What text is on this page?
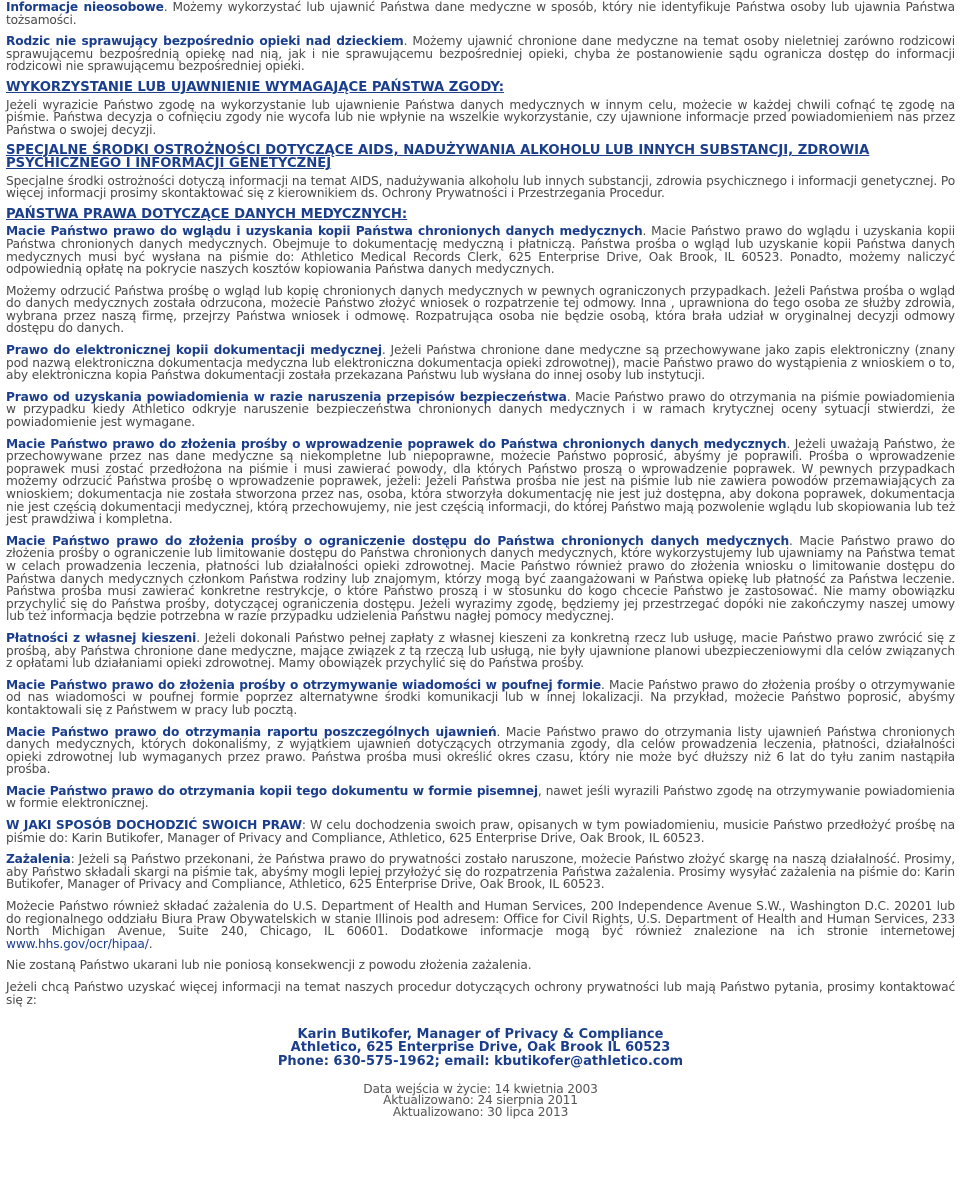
Informacje nieosobowe. Możemy wykorzystać lub ujawnić Państwa dane medyczne w sposób, który nie identyfikuje Państwa osoby lub ujawnia Państwa tożsamości.

Rodzic nie sprawujący bezpośrednio opieki nad dzieckiem. Możemy ujawnić chronione dane medyczne na temat osoby nieletniej zarówno rodzicowi sprawującemu bezpośrednią opiekę nad nią, jak i nie sprawującemu bezpośredniej opieki, chyba że postanowienie sądu ogranicza dostęp do informacji rodzicowi nie sprawującemu bezpośredniej opieki.

WYKORZYSTANIE LUB UJAWNIENIE WYMAGAJĄCE PAŃSTWA ZGODY:

Jeżeli wyrazicie Państwo zgodę na wykorzystanie lub ujawnienie Państwa danych medycznych w innym celu, możecie w każdej chwili cofnąć tę zgodę na piśmie. Państwa decyzja o cofnięciu zgody nie wycofa lub nie wpłynie na wszelkie wykorzystanie, czy ujawnione informacje przed powiadomieniem nas przez Państwa o swojej decyzji.

SPECJALNE ŚRODKI OSTROŻNOŚCI DOTYCZĄCE AIDS, NADUŻYWANIA ALKOHOLU LUB INNYCH SUBSTANCJI, ZDROWIA PSYCHICZNEGO I INFORMACJI GENETYCZNEJ

Specjalne środki ostrożności dotyczą informacji na temat AIDS, nadużywania alkoholu lub innych substancji, zdrowia psychicznego i informacji genetycznej. Po więcej informacji prosimy skontaktować się z kierownikiem ds. Ochrony Prywatności i Przestrzegania Procedur.

PAŃSTWA PRAWA DOTYCZĄCE DANYCH MEDYCZNYCH:

Macie Państwo prawo do wglądu i uzyskania kopii Państwa chronionych danych medycznych. Macie Państwo prawo do wglądu i uzyskania kopii Państwa chronionych danych medycznych. Obejmuje to dokumentację medyczną i płatniczą. Państwa prośba o wgląd lub uzyskanie kopii Państwa danych medycznych musi być wysłana na piśmie do: Athletico Medical Records Clerk, 625 Enterprise Drive, Oak Brook, IL 60523. Ponadto, możemy naliczyć odpowiednią opłatę na pokrycie naszych kosztów kopiowania Państwa danych medycznych.

Możemy odrzucić Państwa prośbę o wgląd lub kopię chronionych danych medycznych w pewnych ograniczonych przypadkach. Jeżeli Państwa prośba o wgląd do danych medycznych została odrzucona, możecie Państwo złożyć wniosek o rozpatrzenie tej odmowy. Inna , uprawniona do tego osoba ze służby zdrowia, wybrana przez naszą firmę, przejrzy Państwa wniosek i odmowę. Rozpatrująca osoba nie będzie osobą, która brała udział w oryginalnej decyzji odmowy dostępu do danych.

Prawo do elektronicznej kopii dokumentacji medycznej. Jeżeli Państwa chronione dane medyczne są przechowywane jako zapis elektroniczny (znany pod nazwą elektroniczna dokumentacja medyczna lub elektroniczna dokumentacja opieki zdrowotnej), macie Państwo prawo do wystąpienia z wnioskiem o to, aby elektroniczna kopia Państwa dokumentacji została przekazana Państwu lub wysłana do innej osoby lub instytucji.

Prawo od uzyskania powiadomienia w razie naruszenia przepisów bezpieczeństwa. Macie Państwo prawo do otrzymania na piśmie powiadomienia w przypadku kiedy Athletico odkryje naruszenie bezpieczeństwa chronionych danych medycznych i w ramach krytycznej oceny sytuacji stwierdzi, że powiadomienie jest wymagane.

Macie Państwo prawo do złożenia prośby o wprowadzenie poprawek do Państwa chronionych danych medycznych. Jeżeli uważają Państwo, że przechowywane przez nas dane medyczne są niekompletne lub niepoprawne, możecie Państwo poprosić, abyśmy je poprawili. Prośba o wprowadzenie poprawek musi zostać przedłożona na piśmie i musi zawierać powody, dla których Państwo proszą o wprowadzenie poprawek. W pewnych przypadkach możemy odrzucić Państwa prośbę o wprowadzenie poprawek, jeżeli: Jeżeli Państwa prośba nie jest na piśmie lub nie zawiera powodów przemawiających za wnioskiem; dokumentacja nie została stworzona przez nas, osoba, która stworzyła dokumentację nie jest już dostępna, aby dokona poprawek, dokumentacja nie jest częścią dokumentacji medycznej, którą przechowujemy, nie jest częścią informacji, do której Państwo mają pozwolenie wglądu lub skopiowania lub też jest prawdziwa i kompletna.

Macie Państwo prawo do złożenia prośby o ograniczenie dostępu do Państwa chronionych danych medycznych. Macie Państwo prawo do złożenia prośby o ograniczenie lub limitowanie dostępu do Państwa chronionych danych medycznych, które wykorzystujemy lub ujawniamy na Państwa temat w celach prowadzenia leczenia, płatności lub działalności opieki zdrowotnej. Macie Państwo również prawo do złożenia wniosku o limitowanie dostępu do Państwa danych medycznych członkom Państwa rodziny lub znajomym, którzy mogą być zaangażowani w Państwa opiekę lub płatność za Państwa leczenie. Państwa prośba musi zawierać konkretne restrykcje, o które Państwo proszą i w stosunku do kogo chcecie Państwo je zastosować. Nie mamy obowiązku przychylić się do Państwa prośby, dotyczącej ograniczenia dostępu. Jeżeli wyrazimy zgodę, będziemy jej przestrzegać dopóki nie zakończymy naszej umowy lub też informacja będzie potrzebna w razie przypadku udzielenia Państwu nagłej pomocy medycznej.

Płatności z własnej kieszeni. Jeżeli dokonali Państwo pełnej zapłaty z własnej kieszeni za konkretną rzecz lub usługę, macie Państwo prawo zwrócić się z prośbą, aby Państwa chronione dane medyczne, mające związek z tą rzeczą lub usługą, nie były ujawnione planowi ubezpieczeniowymi dla celów związanych z opłatami lub działaniami opieki zdrowotnej. Mamy obowiązek przychylić się do Państwa prośby.

Macie Państwo prawo do złożenia prośby o otrzymywanie wiadomości w poufnej formie. Macie Państwo prawo do złożenia prośby o otrzymywanie od nas wiadomości w poufnej formie poprzez alternatywne środki komunikacji lub w innej lokalizacji. Na przykład, możecie Państwo poprosić, abyśmy kontaktowali się z Państwem w pracy lub pocztą.

Macie Państwo prawo do otrzymania raportu poszczególnych ujawnień. Macie Państwo prawo do otrzymania listy ujawnień Państwa chronionych danych medycznych, których dokonaliśmy, z wyjątkiem ujawnień dotyczących otrzymania zgody, dla celów prowadzenia leczenia, płatności, działalności opieki zdrowotnej lub wymaganych przez prawo. Państwa prośba musi określić okres czasu, który nie może być dłuższy niż 6 lat do tyłu zanim nastąpiła prośba.

Macie Państwo prawo do otrzymania kopii tego dokumentu w formie pisemnej, nawet jeśli wyrazili Państwo zgodę na otrzymywanie powiadomienia w formie elektronicznej.

W JAKI SPOSÓB DOCHODZIĆ SWOICH PRAW: W celu dochodzenia swoich praw, opisanych w tym powiadomieniu, musicie Państwo przedłożyć prośbę na piśmie do: Karin Butikofer, Manager of Privacy and Compliance, Athletico, 625 Enterprise Drive, Oak Brook, IL 60523.

Zażalenia: Jeżeli są Państwo przekonani, że Państwa prawo do prywatności zostało naruszone, możecie Państwo złożyć skargę na naszą działalność. Prosimy, aby Państwo składali skargi na piśmie tak, abyśmy mogli lepiej przyłożyć się do rozpatrzenia Państwa zażalenia. Prosimy wysyłać zażalenia na piśmie do: Karin Butikofer, Manager of Privacy and Compliance, Athletico, 625 Enterprise Drive, Oak Brook, IL 60523.

Możecie Państwo również składać zażalenia do U.S. Department of Health and Human Services, 200 Independence Avenue S.W., Washington D.C. 20201 lub do regionalnego oddziału Biura Praw Obywatelskich w stanie Illinois pod adresem: Office for Civil Rights, U.S. Department of Health and Human Services, 233 North Michigan Avenue, Suite 240, Chicago, IL 60601. Dodatkowe informacje mogą być również znalezione na ich stronie internetowej www.hhs.gov/ocr/hipaa/.

Nie zostaną Państwo ukarani lub nie poniosą konsekwencji z powodu złożenia zażalenia.

Jeżeli chcą Państwo uzyskać więcej informacji na temat naszych procedur dotyczących ochrony prywatności lub mają Państwo pytania, prosimy kontaktować się z:

Karin Butikofer, Manager of Privacy & Compliance
Athletico, 625 Enterprise Drive, Oak Brook IL 60523
Phone: 630-575-1962; email: kbutikofer@athletico.com
Data wejścia w życie: 14 kwietnia 2003
Aktualizowano: 24 sierpnia 2011
Aktualizowano: 30 lipca 2013
